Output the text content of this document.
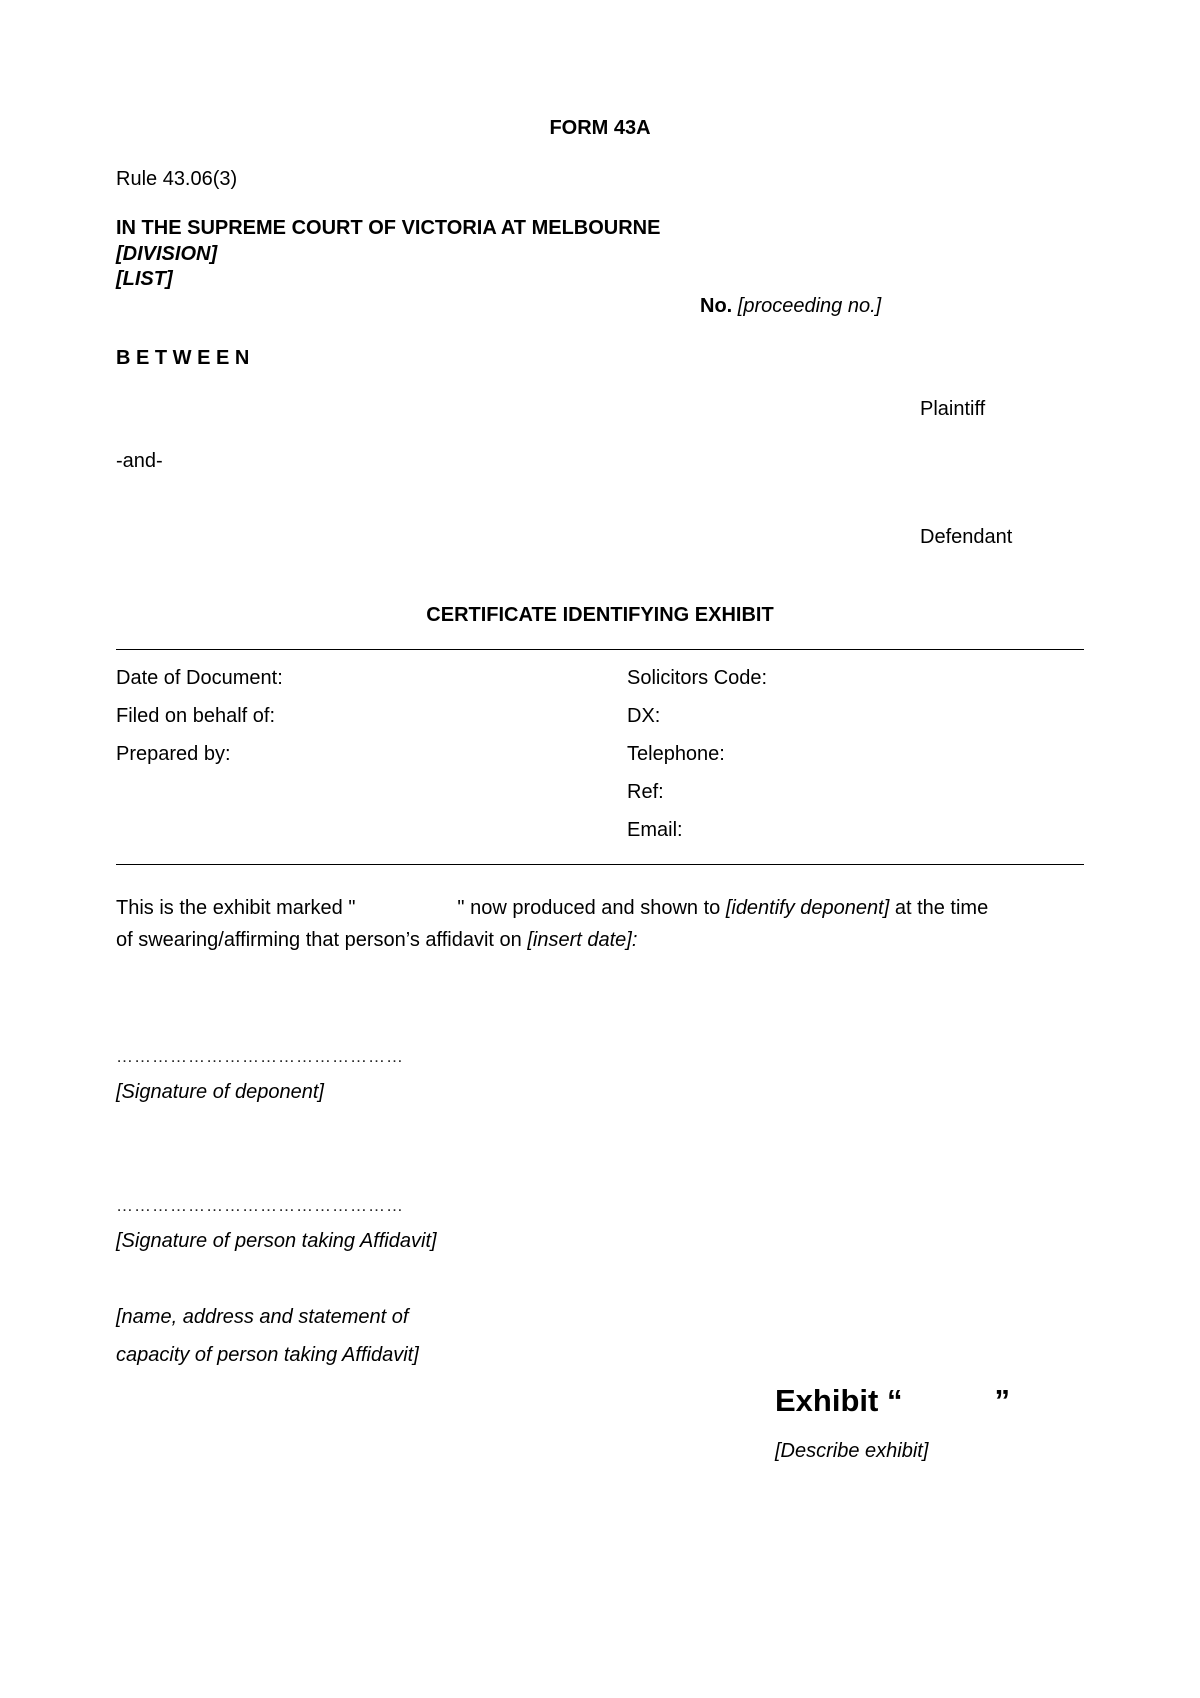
FORM 43A
Rule 43.06(3)
IN THE SUPREME COURT OF VICTORIA AT MELBOURNE
[DIVISION]
[LIST]
No. [proceeding no.]
B E T W E E N
Plaintiff
-and-
Defendant
CERTIFICATE IDENTIFYING EXHIBIT
Date of Document:
Filed on behalf of:
Prepared by:
Solicitors Code:
DX:
Telephone:
Ref:
Email:
This is the exhibit marked "	" now produced and shown to [identify deponent] at the time
of swearing/affirming that person’s affidavit on [insert date]:
…………………………………………
[Signature of deponent]
…………………………………………
[Signature of person taking Affidavit]
[name, address and statement of
capacity of person taking Affidavit]
Exhibit “	”
[Describe exhibit]
